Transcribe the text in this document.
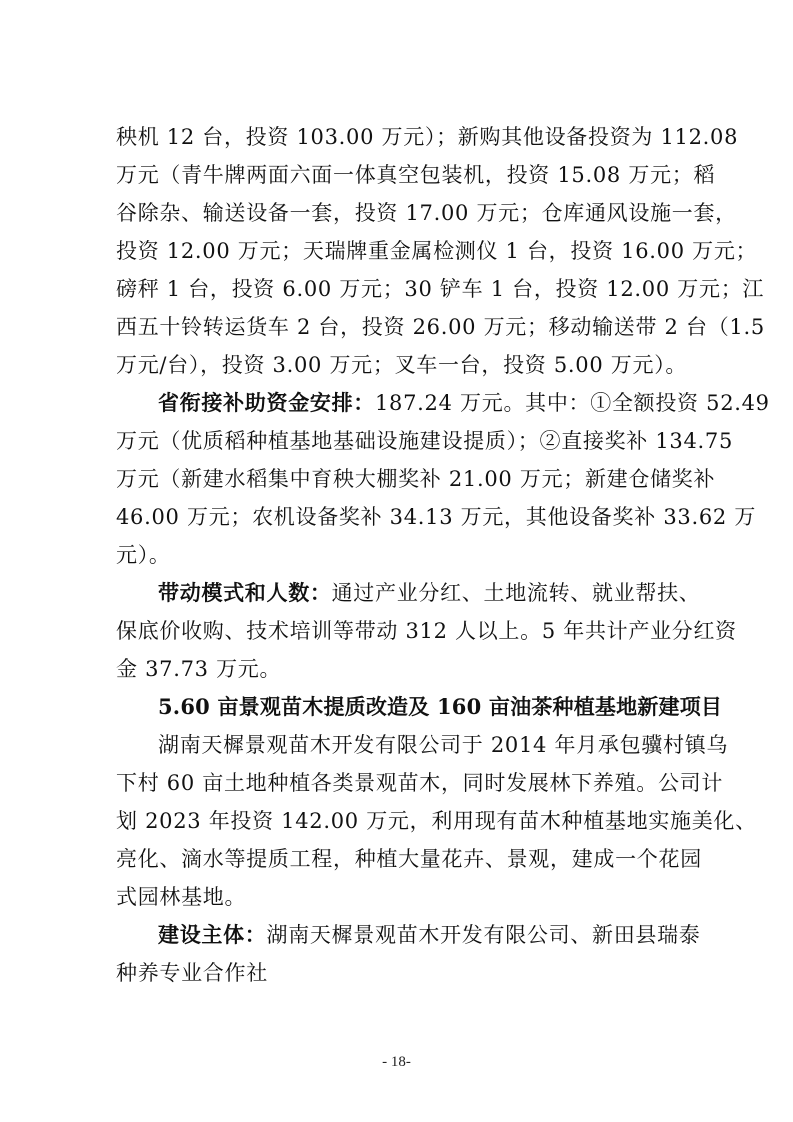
秧机 12 台，投资 103.00 万元）；新购其他设备投资为 112.08
万元（青牛牌两面六面一体真空包装机，投资 15.08 万元；稻
谷除杂、输送设备一套，投资 17.00 万元；仓库通风设施一套，
投资 12.00 万元；天瑞牌重金属检测仪 1 台，投资 16.00 万元；
磅秤 1 台，投资 6.00 万元；30 铲车 1 台，投资 12.00 万元；江
西五十铃转运货车 2 台，投资 26.00 万元；移动输送带 2 台（1.5
万元/台），投资 3.00 万元；叉车一台，投资 5.00 万元）。
省衔接补助资金安排：187.24 万元。其中：①全额投资 52.49
万元（优质稻种植基地基础设施建设提质）；②直接奖补 134.75
万元（新建水稻集中育秧大棚奖补 21.00 万元；新建仓储奖补
46.00 万元；农机设备奖补 34.13 万元，其他设备奖补 33.62 万
元）。
带动模式和人数：通过产业分红、土地流转、就业帮扶、
保底价收购、技术培训等带动 312 人以上。5 年共计产业分红资
金 37.73 万元。
5.60 亩景观苗木提质改造及 160 亩油茶种植基地新建项目
湖南天樨景观苗木开发有限公司于 2014 年月承包骥村镇乌
下村 60 亩土地种植各类景观苗木，同时发展林下养殖。公司计
划 2023 年投资 142.00 万元，利用现有苗木种植基地实施美化、
亮化、滴水等提质工程，种植大量花卉、景观，建成一个花园
式园林基地。
建设主体：湖南天樨景观苗木开发有限公司、新田县瑞泰
种养专业合作社
- 18-
